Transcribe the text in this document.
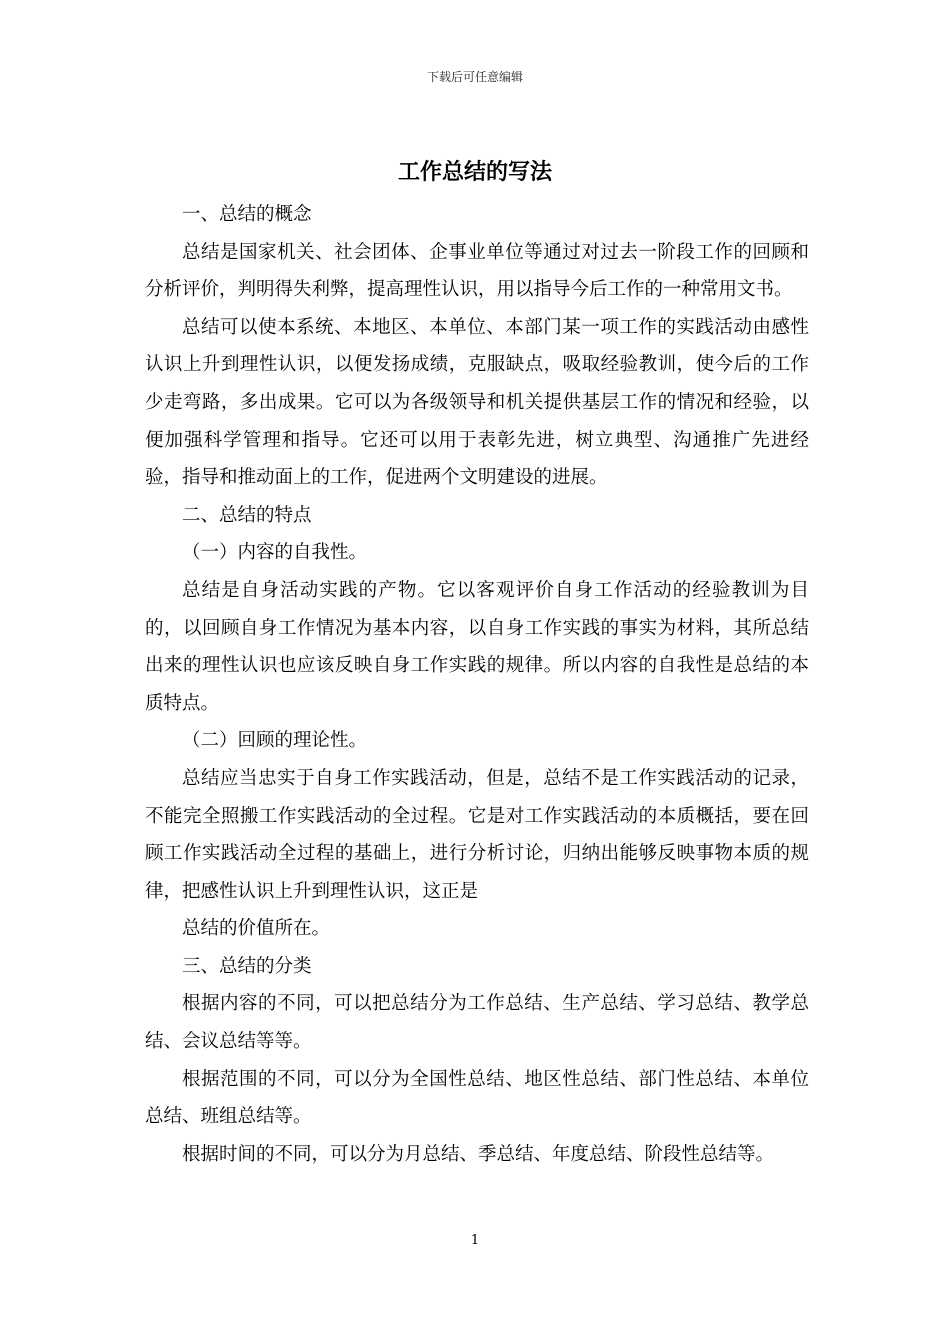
下载后可任意编辑
工作总结的写法

一、总结的概念

总结是国家机关、社会团体、企事业单位等通过对过去一阶段工作的回顾和分析评价，判明得失利弊，提高理性认识，用以指导今后工作的一种常用文书。

总结可以使本系统、本地区、本单位、本部门某一项工作的实践活动由感性认识上升到理性认识，以便发扬成绩，克服缺点，吸取经验教训，使今后的工作少走弯路，多出成果。它可以为各级领导和机关提供基层工作的情况和经验，以便加强科学管理和指导。它还可以用于表彰先进，树立典型、沟通推广先进经验，指导和推动面上的工作，促进两个文明建设的进展。

二、总结的特点

（一）内容的自我性。

总结是自身活动实践的产物。它以客观评价自身工作活动的经验教训为目的，以回顾自身工作情况为基本内容，以自身工作实践的事实为材料，其所总结出来的理性认识也应该反映自身工作实践的规律。所以内容的自我性是总结的本质特点。

（二）回顾的理论性。

总结应当忠实于自身工作实践活动，但是，总结不是工作实践活动的记录，不能完全照搬工作实践活动的全过程。它是对工作实践活动的本质概括，要在回顾工作实践活动全过程的基础上，进行分析讨论，归纳出能够反映事物本质的规律，把感性认识上升到理性认识，这正是

总结的价值所在。

三、总结的分类

根据内容的不同，可以把总结分为工作总结、生产总结、学习总结、教学总结、会议总结等等。

根据范围的不同，可以分为全国性总结、地区性总结、部门性总结、本单位总结、班组总结等。

根据时间的不同，可以分为月总结、季总结、年度总结、阶段性总结等。

1
